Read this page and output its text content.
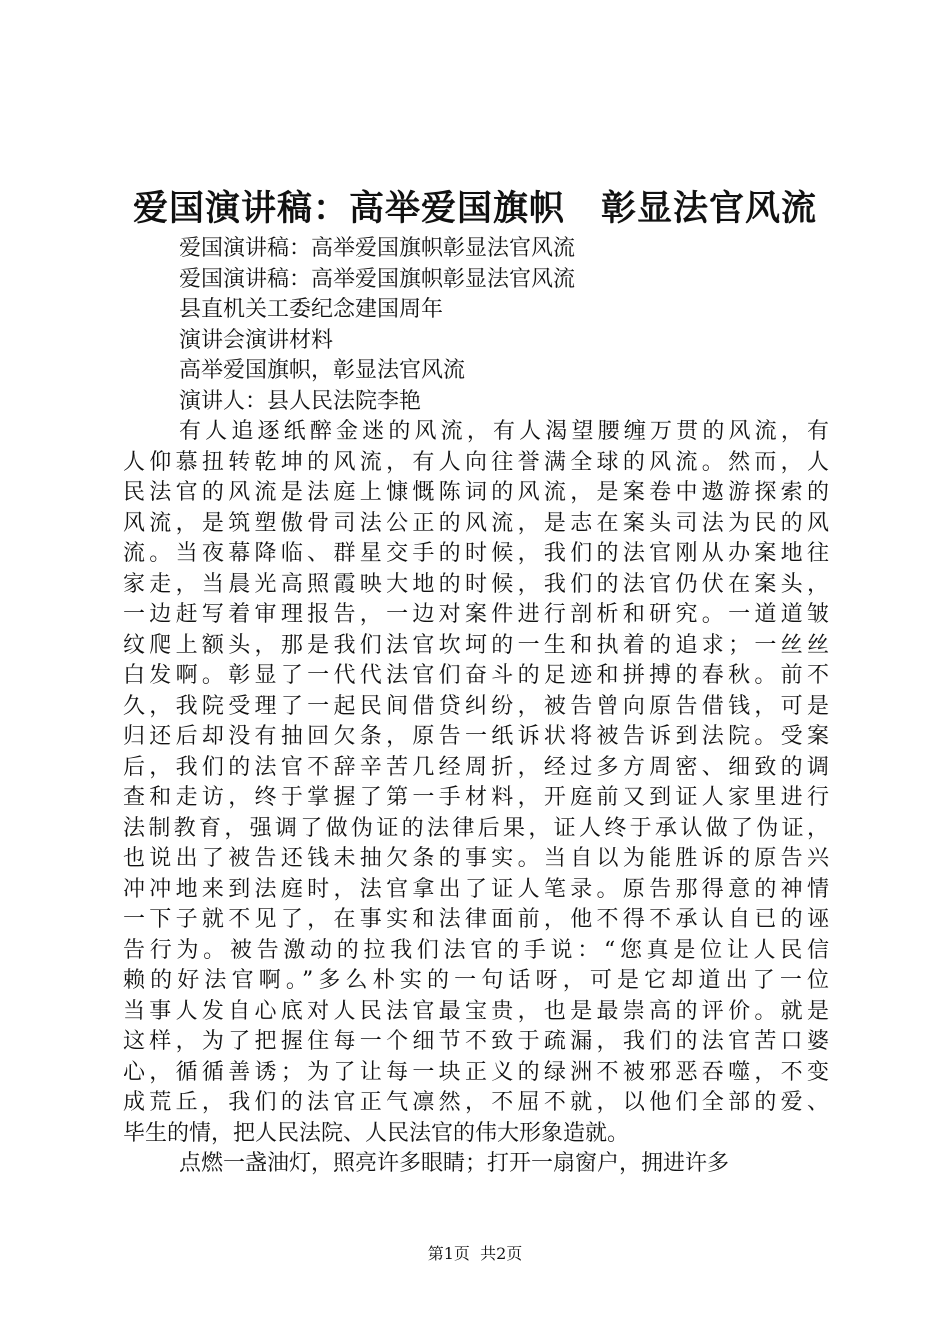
爱国演讲稿：高举爱国旗帜　彰显法官风流
爱国演讲稿：高举爱国旗帜彰显法官风流
爱国演讲稿：高举爱国旗帜彰显法官风流
县直机关工委纪念建国周年
演讲会演讲材料
高举爱国旗帜，彰显法官风流
演讲人：县人民法院李艳
有人追逐纸醉金迷的风流，有人渴望腰缠万贯的风流，有
人仰慕扭转乾坤的风流，有人向往誉满全球的风流。然而，人
民法官的风流是法庭上慷慨陈词的风流，是案卷中遨游探索的
风流，是筑塑傲骨司法公正的风流，是志在案头司法为民的风
流。当夜幕降临、群星交手的时候，我们的法官刚从办案地往
家走，当晨光高照霞映大地的时候，我们的法官仍伏在案头，
一边赶写着审理报告，一边对案件进行剖析和研究。一道道皱
纹爬上额头，那是我们法官坎坷的一生和执着的追求；一丝丝
白发啊。彰显了一代代法官们奋斗的足迹和拼搏的春秋。前不
久，我院受理了一起民间借贷纠纷，被告曾向原告借钱，可是
归还后却没有抽回欠条，原告一纸诉状将被告诉到法院。受案
后，我们的法官不辞辛苦几经周折，经过多方周密、细致的调
查和走访，终于掌握了第一手材料，开庭前又到证人家里进行
法制教育，强调了做伪证的法律后果，证人终于承认做了伪证，
也说出了被告还钱未抽欠条的事实。当自以为能胜诉的原告兴
冲冲地来到法庭时，法官拿出了证人笔录。原告那得意的神情
一下子就不见了，在事实和法律面前，他不得不承认自已的诬
告行为。被告激动的拉我们法官的手说：“您真是位让人民信
赖的好法官啊。”多么朴实的一句话呀，可是它却道出了一位
当事人发自心底对人民法官最宝贵，也是最崇高的评价。就是
这样，为了把握住每一个细节不致于疏漏，我们的法官苦口婆
心，循循善诱；为了让每一块正义的绿洲不被邪恶吞噬，不变
成荒丘，我们的法官正气凛然，不屈不就，以他们全部的爱、
毕生的情，把人民法院、人民法官的伟大形象造就。
点燃一盏油灯，照亮许多眼睛；打开一扇窗户，拥进许多
第1页  共2页
